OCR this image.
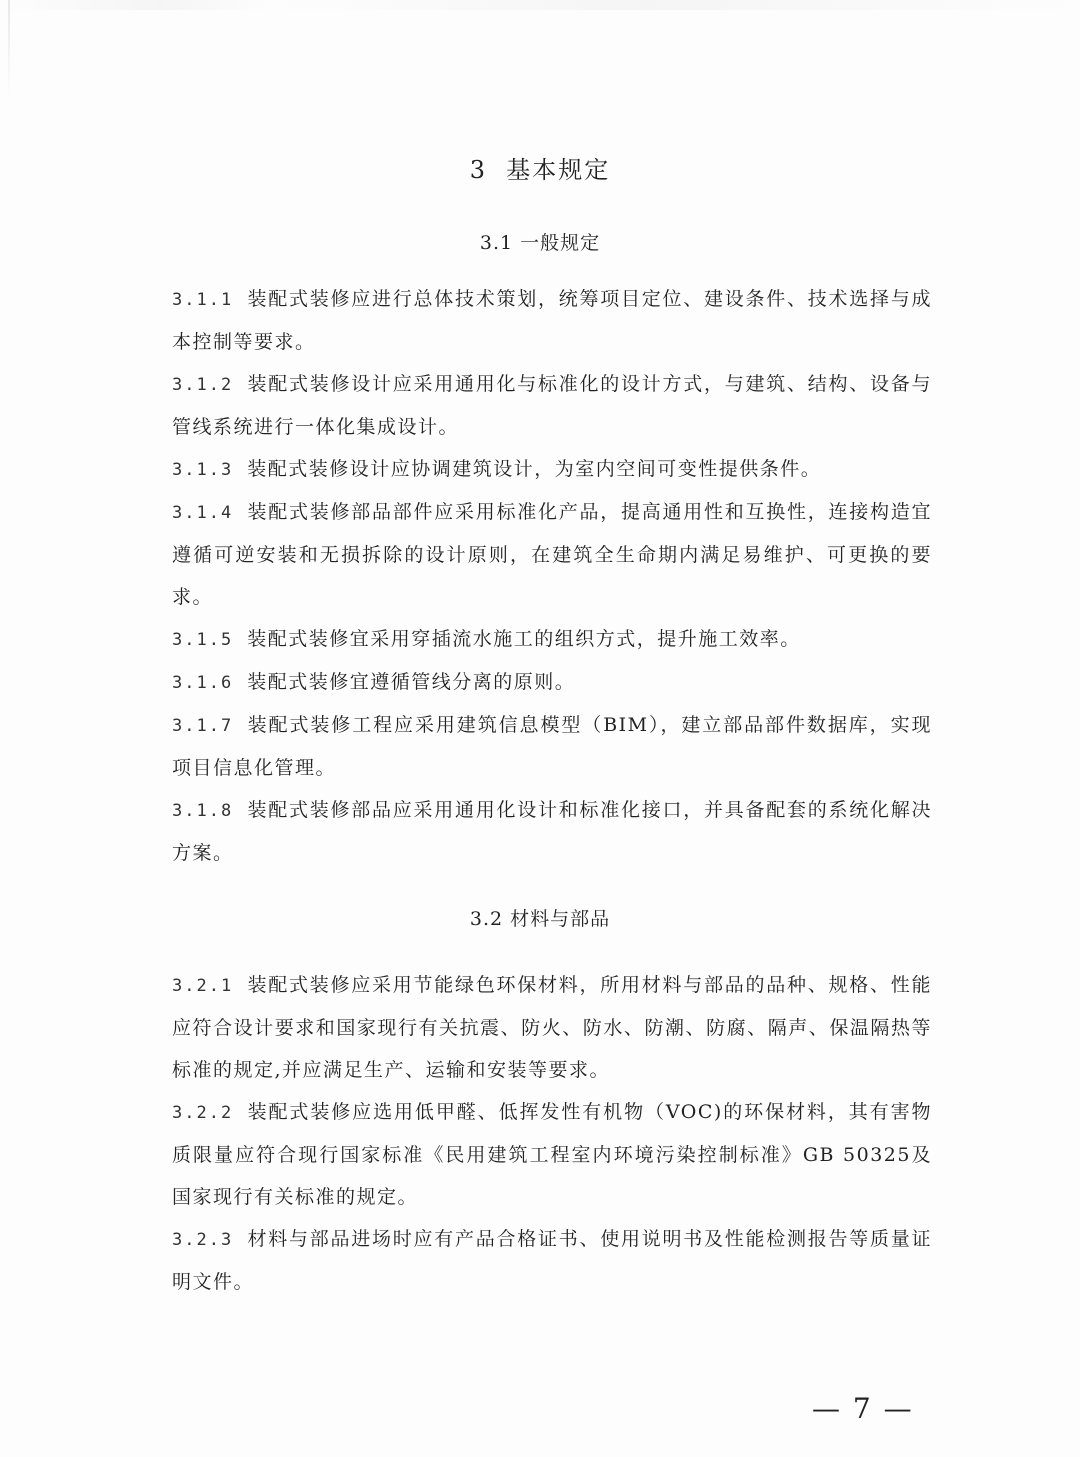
3  基本规定
3.1 一般规定

3.1.1 装配式装修应进行总体技术策划，统筹项目定位、建设条件、技术选择与成本控制等要求。

3.1.2 装配式装修设计应采用通用化与标准化的设计方式，与建筑、结构、设备与管线系统进行一体化集成设计。

3.1.3 装配式装修设计应协调建筑设计，为室内空间可变性提供条件。

3.1.4 装配式装修部品部件应采用标准化产品，提高通用性和互换性，连接构造宜遵循可逆安装和无损拆除的设计原则，在建筑全生命期内满足易维护、可更换的要求。

3.1.5 装配式装修宜采用穿插流水施工的组织方式，提升施工效率。

3.1.6 装配式装修宜遵循管线分离的原则。

3.1.7 装配式装修工程应采用建筑信息模型（BIM），建立部品部件数据库，实现项目信息化管理。

3.1.8 装配式装修部品应采用通用化设计和标准化接口，并具备配套的系统化解决方案。

3.2 材料与部品

3.2.1 装配式装修应采用节能绿色环保材料，所用材料与部品的品种、规格、性能应符合设计要求和国家现行有关抗震、防火、防水、防潮、防腐、隔声、保温隔热等标准的规定,并应满足生产、运输和安装等要求。

3.2.2 装配式装修应选用低甲醛、低挥发性有机物（VOC)的环保材料，其有害物质限量应符合现行国家标准《民用建筑工程室内环境污染控制标准》GB 50325及国家现行有关标准的规定。

3.2.3 材料与部品进场时应有产品合格证书、使用说明书及性能检测报告等质量证明文件。

— 7 —
